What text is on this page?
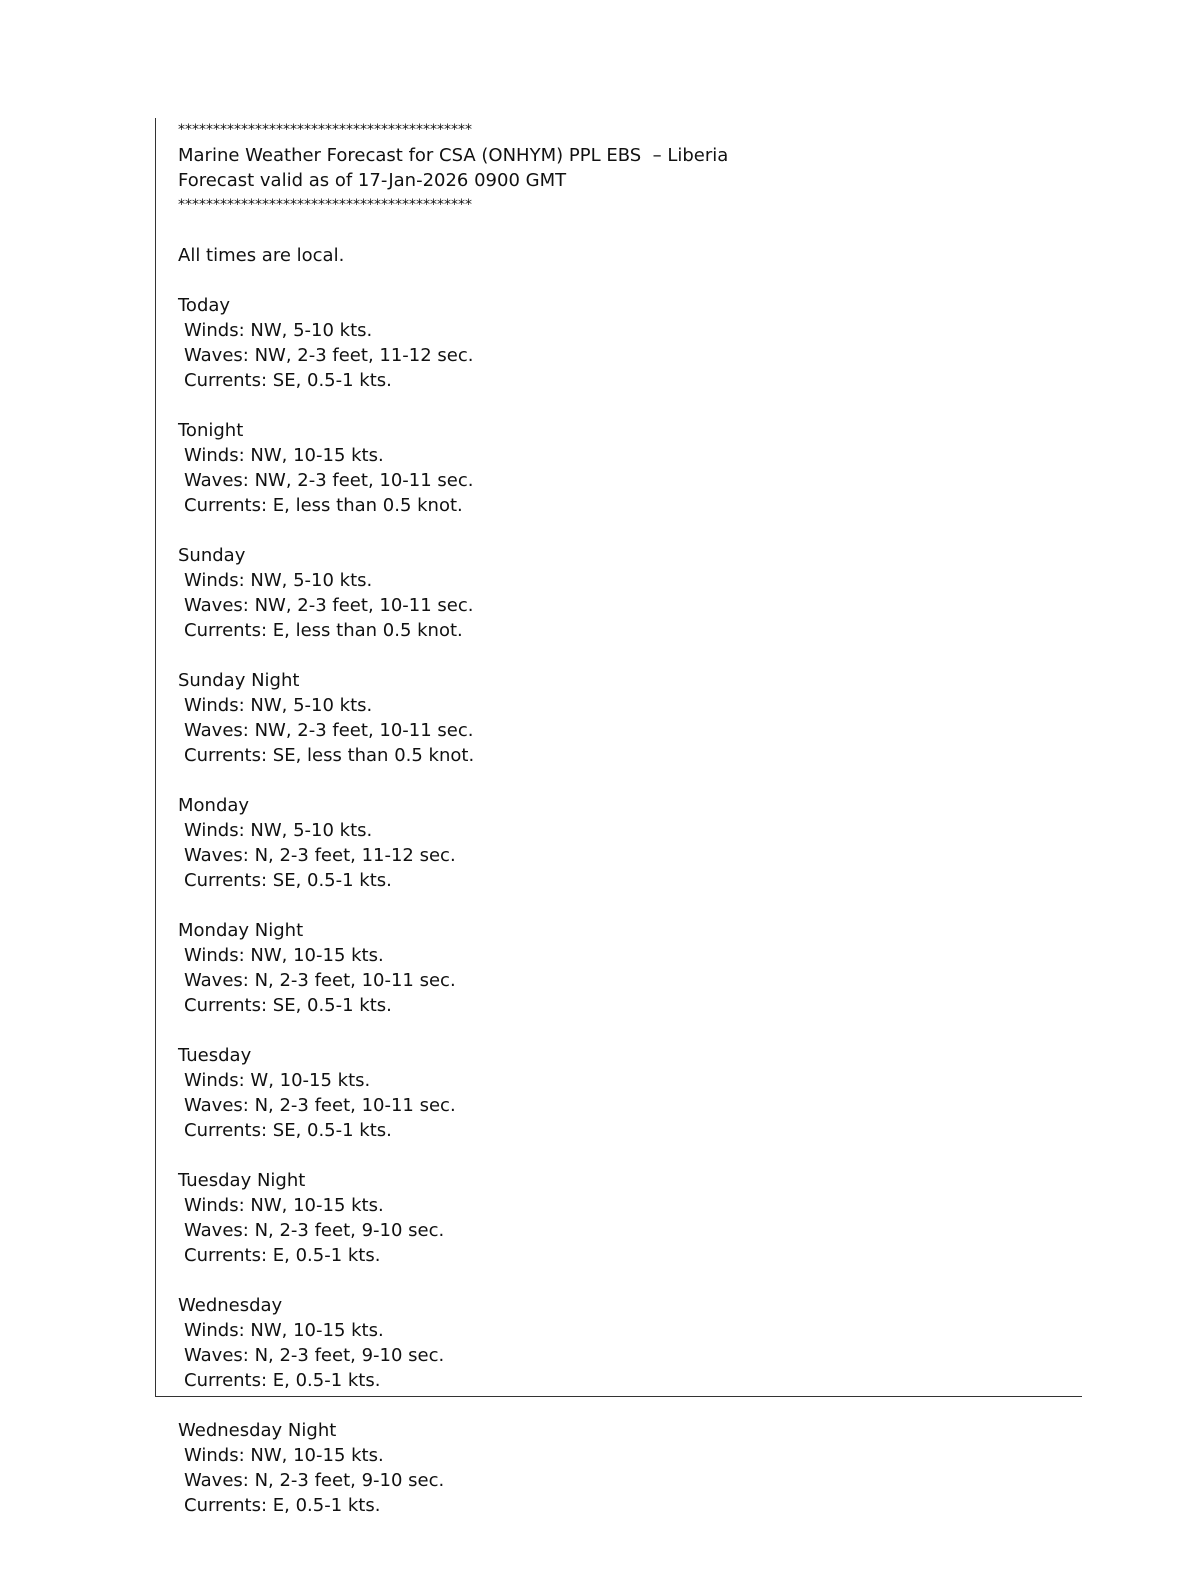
******************************************
Marine Weather Forecast for CSA (ONHYM) PPL EBS  – Liberia
Forecast valid as of 17-Jan-2026 0900 GMT
******************************************
All times are local.
Today
Winds: NW, 5-10 kts.
Waves: NW, 2-3 feet, 11-12 sec.
Currents: SE, 0.5-1 kts.
Tonight
Winds: NW, 10-15 kts.
Waves: NW, 2-3 feet, 10-11 sec.
Currents: E, less than 0.5 knot.
Sunday
Winds: NW, 5-10 kts.
Waves: NW, 2-3 feet, 10-11 sec.
Currents: E, less than 0.5 knot.
Sunday Night
Winds: NW, 5-10 kts.
Waves: NW, 2-3 feet, 10-11 sec.
Currents: SE, less than 0.5 knot.
Monday
Winds: NW, 5-10 kts.
Waves: N, 2-3 feet, 11-12 sec.
Currents: SE, 0.5-1 kts.
Monday Night
Winds: NW, 10-15 kts.
Waves: N, 2-3 feet, 10-11 sec.
Currents: SE, 0.5-1 kts.
Tuesday
Winds: W, 10-15 kts.
Waves: N, 2-3 feet, 10-11 sec.
Currents: SE, 0.5-1 kts.
Tuesday Night
Winds: NW, 10-15 kts.
Waves: N, 2-3 feet, 9-10 sec.
Currents: E, 0.5-1 kts.
Wednesday
Winds: NW, 10-15 kts.
Waves: N, 2-3 feet, 9-10 sec.
Currents: E, 0.5-1 kts.
Wednesday Night
Winds: NW, 10-15 kts.
Waves: N, 2-3 feet, 9-10 sec.
Currents: E, 0.5-1 kts.
